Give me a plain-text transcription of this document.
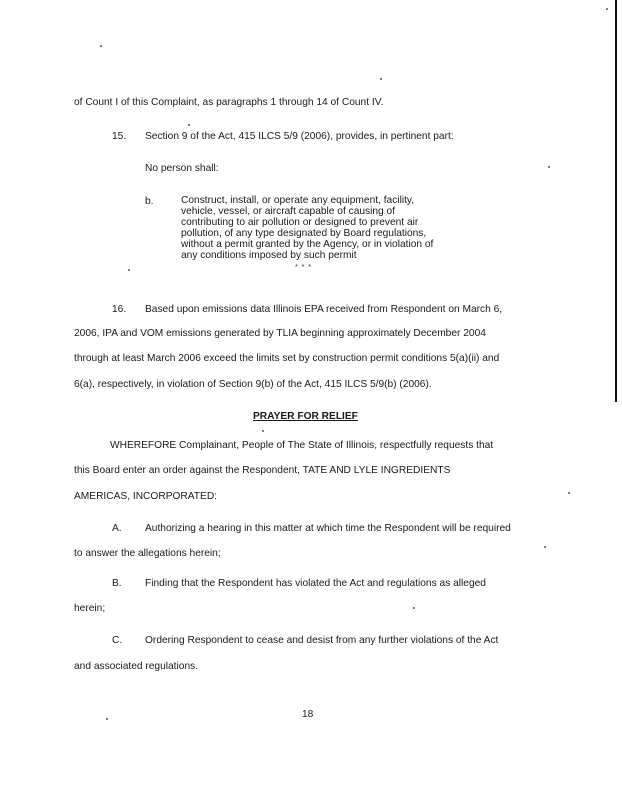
of Count I of this Complaint, as paragraphs 1 through 14 of Count IV.
15. Section 9 of the Act, 415 ILCS 5/9 (2006), provides, in pertinent part:
No person shall:
b.	Construct, install, or operate any equipment, facility,
vehicle, vessel, or aircraft capable of causing of
contributing to air pollution or designed to prevent air
pollution, of any type designated by Board regulations,
without a permit granted by the Agency, or in violation of
any conditions imposed by such permit
* * *
16. Based upon emissions data Illinois EPA received from Respondent on March 6,
2006, IPA and VOM emissions generated by TLIA beginning approximately December 2004
through at least March 2006 exceed the limits set by construction permit conditions 5(a)(ii) and
6(a), respectively, in violation of Section 9(b) of the Act, 415 ILCS 5/9(b) (2006).
PRAYER FOR RELIEF
WHEREFORE Complainant, People of The State of Illinois, respectfully requests that
this Board enter an order against the Respondent, TATE AND LYLE INGREDIENTS
AMERICAS, INCORPORATED:
A. Authorizing a hearing in this matter at which time the Respondent will be required
to answer the allegations herein;
B. Finding that the Respondent has violated the Act and regulations as alleged
herein;
C. Ordering Respondent to cease and desist from any further violations of the Act
and associated regulations.
18
